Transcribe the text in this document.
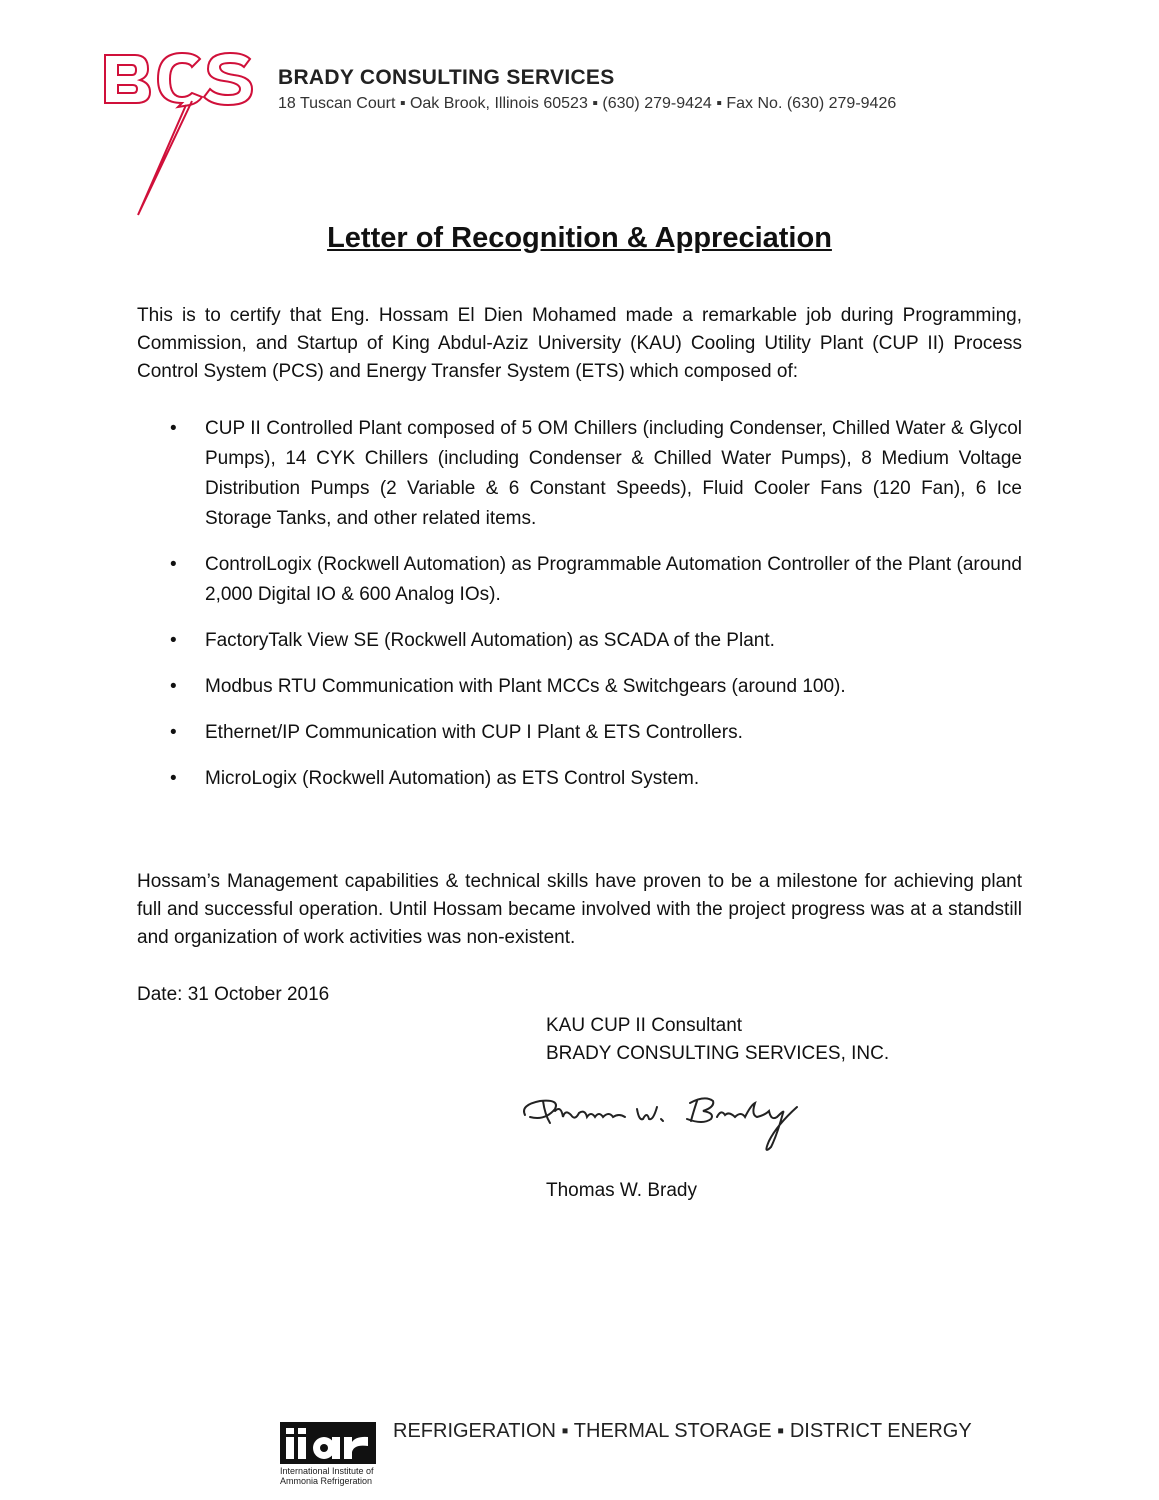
BRADY CONSULTING SERVICES
18 Tuscan Court ▪ Oak Brook, Illinois 60523 ▪ (630) 279-9424 ▪ Fax No. (630) 279-9426
Letter of Recognition & Appreciation
This is to certify that Eng. Hossam El Dien Mohamed made a remarkable job during Programming, Commission, and Startup of King Abdul-Aziz University (KAU) Cooling Utility Plant (CUP II) Process Control System (PCS) and Energy Transfer System (ETS) which composed of:
• CUP II Controlled Plant composed of 5 OM Chillers (including Condenser, Chilled Water & Glycol Pumps), 14 CYK Chillers (including Condenser & Chilled Water Pumps), 8 Medium Voltage Distribution Pumps (2 Variable & 6 Constant Speeds), Fluid Cooler Fans (120 Fan), 6 Ice Storage Tanks, and other related items.
• ControlLogix (Rockwell Automation) as Programmable Automation Controller of the Plant (around 2,000 Digital IO & 600 Analog IOs).
• FactoryTalk View SE (Rockwell Automation) as SCADA of the Plant.
• Modbus RTU Communication with Plant MCCs & Switchgears (around 100).
• Ethernet/IP Communication with CUP I Plant & ETS Controllers.
• MicroLogix (Rockwell Automation) as ETS Control System.
Hossam’s Management capabilities & technical skills have proven to be a milestone for achieving plant full and successful operation. Until Hossam became involved with the project progress was at a standstill and organization of work activities was non-existent.
Date: 31 October 2016
KAU CUP II Consultant
BRADY CONSULTING SERVICES, INC.
Thomas W. Brady
International Institute of
Ammonia Refrigeration
REFRIGERATION ▪ THERMAL STORAGE ▪ DISTRICT ENERGY
